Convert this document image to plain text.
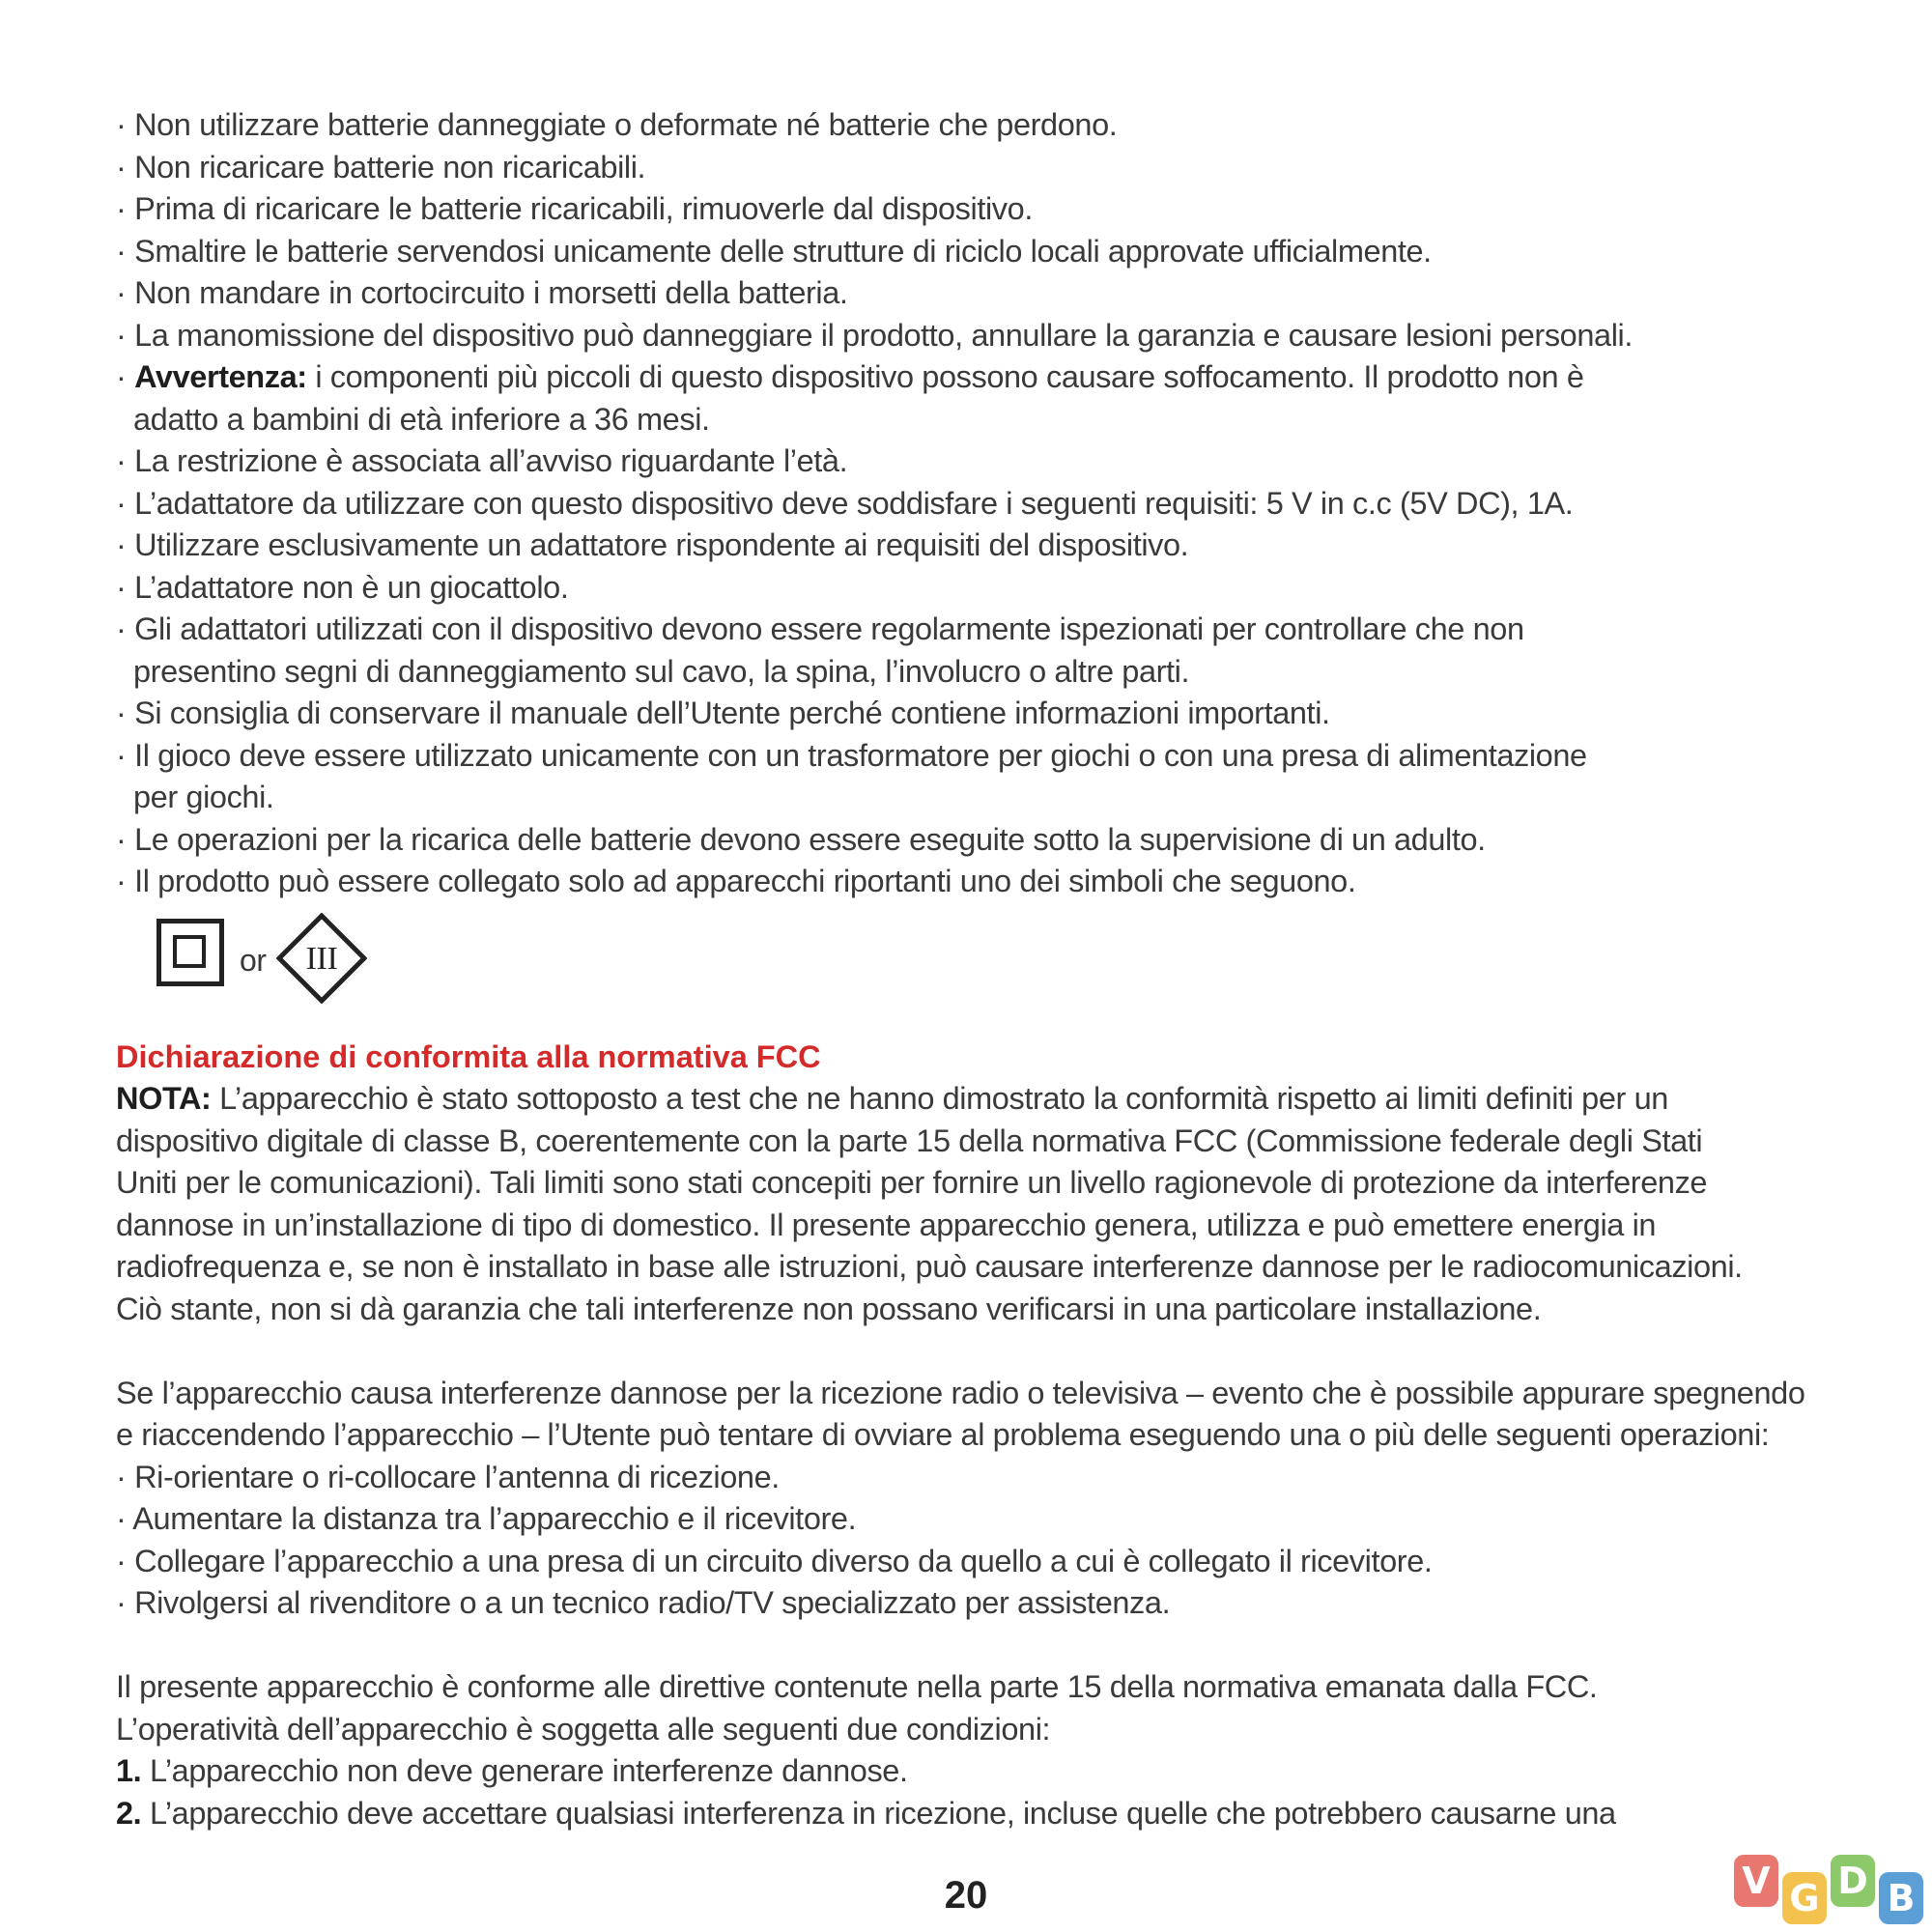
· Non utilizzare batterie danneggiate o deformate né batterie che perdono.
· Non ricaricare batterie non ricaricabili.
· Prima di ricaricare le batterie ricaricabili, rimuoverle dal dispositivo.
· Smaltire le batterie servendosi unicamente delle strutture di riciclo locali approvate ufficialmente.
· Non mandare in cortocircuito i morsetti della batteria.
· La manomissione del dispositivo può danneggiare il prodotto, annullare la garanzia e causare lesioni personali.
· Avvertenza: i componenti più piccoli di questo dispositivo possono causare soffocamento. Il prodotto non è
adatto a bambini di età inferiore a 36 mesi.
· La restrizione è associata all’avviso riguardante l’età.
· L’adattatore da utilizzare con questo dispositivo deve soddisfare i seguenti requisiti: 5 V in c.c (5V DC), 1A.
· Utilizzare esclusivamente un adattatore rispondente ai requisiti del dispositivo.
· L’adattatore non è un giocattolo.
· Gli adattatori utilizzati con il dispositivo devono essere regolarmente ispezionati per controllare che non
presentino segni di danneggiamento sul cavo, la spina, l’involucro o altre parti.
· Si consiglia di conservare il manuale dell’Utente perché contiene informazioni importanti.
· Il gioco deve essere utilizzato unicamente con un trasformatore per giochi o con una presa di alimentazione
per giochi.
· Le operazioni per la ricarica delle batterie devono essere eseguite sotto la supervisione di un adulto.
· Il prodotto può essere collegato solo ad apparecchi riportanti uno dei simboli che seguono.
or III
Dichiarazione di conformita alla normativa FCC
NOTA: L’apparecchio è stato sottoposto a test che ne hanno dimostrato la conformità rispetto ai limiti definiti per un
dispositivo digitale di classe B, coerentemente con la parte 15 della normativa FCC (Commissione federale degli Stati
Uniti per le comunicazioni). Tali limiti sono stati concepiti per fornire un livello ragionevole di protezione da interferenze
dannose in un’installazione di tipo di domestico. Il presente apparecchio genera, utilizza e può emettere energia in
radiofrequenza e, se non è installato in base alle istruzioni, può causare interferenze dannose per le radiocomunicazioni.
Ciò stante, non si dà garanzia che tali interferenze non possano verificarsi in una particolare installazione.
Se l’apparecchio causa interferenze dannose per la ricezione radio o televisiva – evento che è possibile appurare spegnendo
e riaccendendo l’apparecchio – l’Utente può tentare di ovviare al problema eseguendo una o più delle seguenti operazioni:
· Ri-orientare o ri-collocare l’antenna di ricezione.
· Aumentare la distanza tra l’apparecchio e il ricevitore.
· Collegare l’apparecchio a una presa di un circuito diverso da quello a cui è collegato il ricevitore.
· Rivolgersi al rivenditore o a un tecnico radio/TV specializzato per assistenza.
Il presente apparecchio è conforme alle direttive contenute nella parte 15 della normativa emanata dalla FCC.
L’operatività dell’apparecchio è soggetta alle seguenti due condizioni:
1. L’apparecchio non deve generare interferenze dannose.
2. L’apparecchio deve accettare qualsiasi interferenza in ricezione, incluse quelle che potrebbero causarne una
20	V G D B
